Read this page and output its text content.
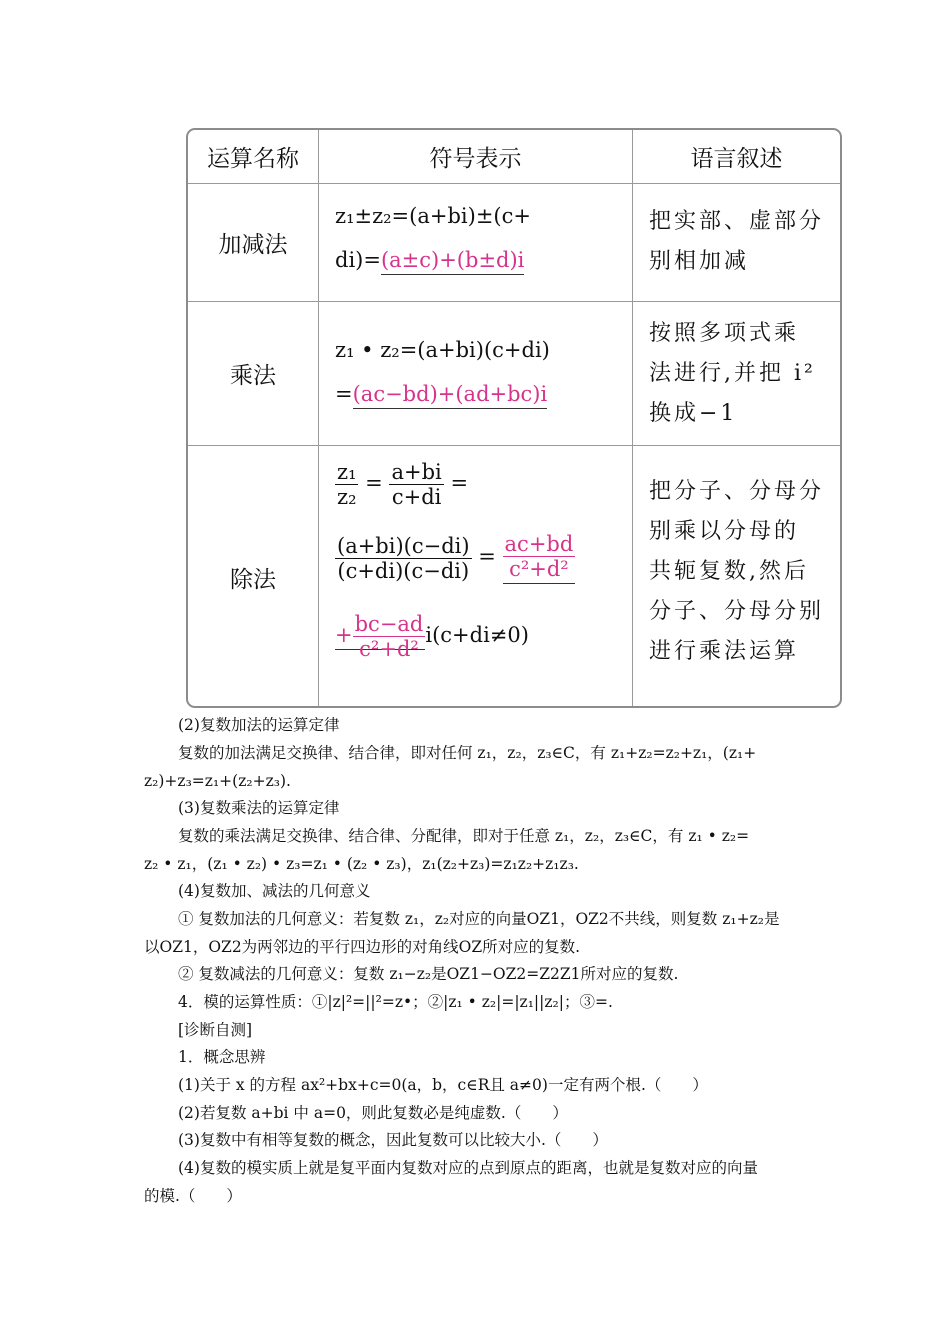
运算名称	符号表示	语言叙述
加减法
z₁±z₂=(a+bi)±(c+
di)=(a±c)+(b±d)i
把实部、虚部分
别相加减
乘法
z₁ • z₂=(a+bi)(c+di)
=(ac−bd)+(ad+bc)i
按照多项式乘
法进行,并把 i²
换成−1
除法
$\frac{\text{z₁}}{\text{z₂}} = \frac{a+bi}{c+di}$ =
$\frac{(a+bi)(c-di)}{(c+di)(c-di)} = \frac{ac+bd}{\text{c²+d²}}$
+ $\frac{bc-ad}{\text{c²+d²}} i(c+di\ne 0)$
把分子、分母分
别乘以分母的
共轭复数,然后
分子、分母分别
进行乘法运算
(2)复数加法的运算定律
复数的加法满足交换律、结合律，即对任何 z₁，z₂，z₃∈C，有 z₁+z₂=z₂+z₁，(z₁+
z₂)+z₃=z₁+(z₂+z₃).
(3)复数乘法的运算定律
复数的乘法满足交换律、结合律、分配律，即对于任意 z₁，z₂，z₃∈C，有 z₁ • z₂=
z₂ • z₁，(z₁ • z₂) • z₃=z₁ • (z₂ • z₃)，z₁(z₂+z₃)=z₁z₂+z₁z₃.
(4)复数加、减法的几何意义
① 复数加法的几何意义：若复数 z₁，z₂对应的向量OZ1，OZ2不共线，则复数 z₁+z₂是
以OZ1，OZ2为两邻边的平行四边形的对角线OZ所对应的复数.
② 复数减法的几何意义：复数 z₁−z₂是OZ1−OZ2=Z2Z1所对应的复数.
4．模的运算性质：①|z|²=||²=z•；②|z₁ • z₂|=|z₁||z₂|；③=.
[诊断自测]
1．概念思辨
(1)关于 x 的方程 ax²+bx+c=0(a，b，c∈R且 a≠0)一定有两个根.（　　）
(2)若复数 a+bi 中 a=0，则此复数必是纯虚数.（　　）
(3)复数中有相等复数的概念，因此复数可以比较大小.（　　）
(4)复数的模实质上就是复平面内复数对应的点到原点的距离，也就是复数对应的向量
的模.（　　）
